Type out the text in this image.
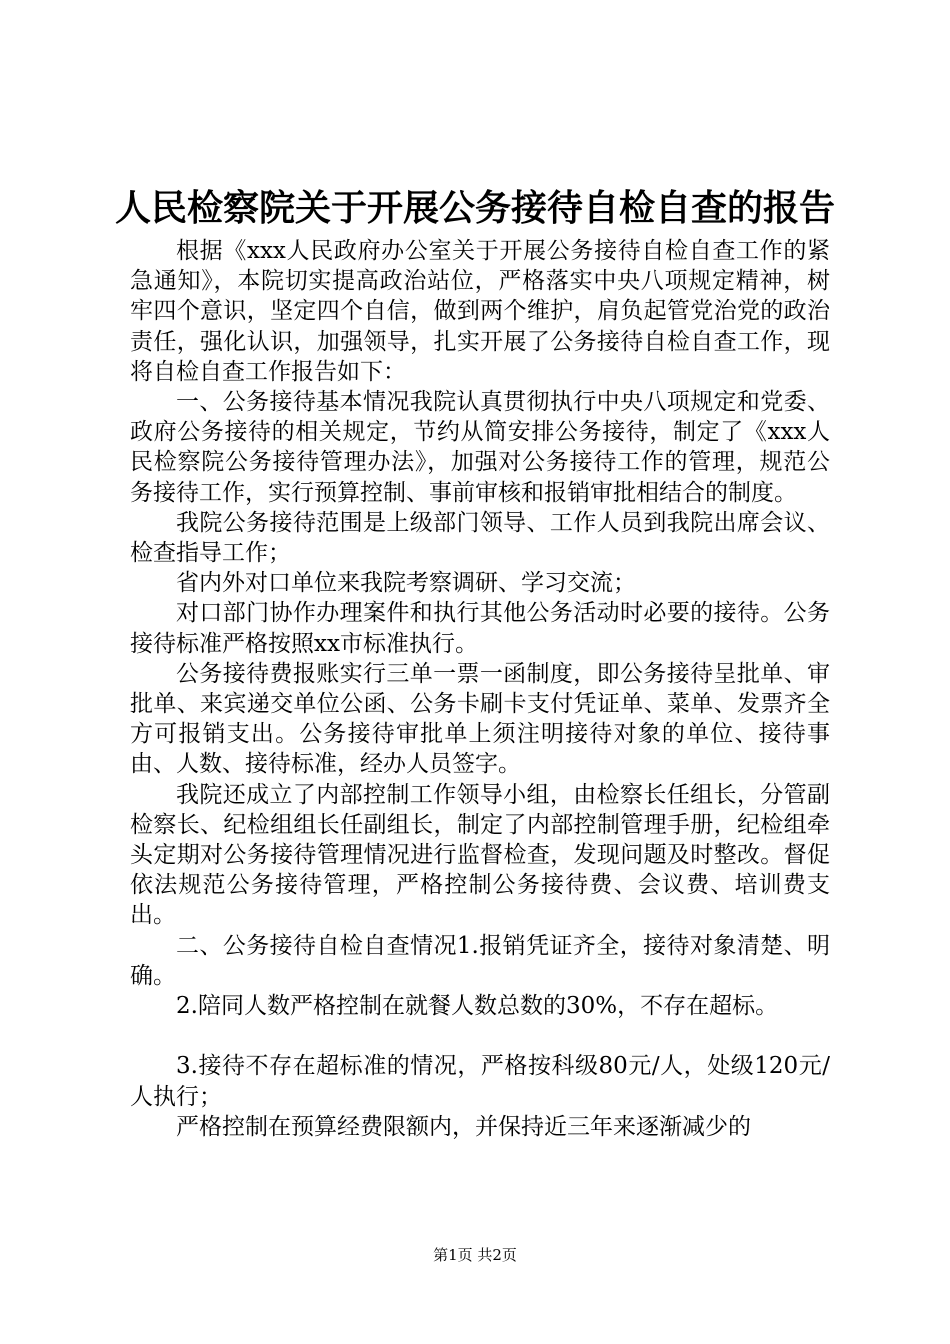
人民检察院关于开展公务接待自检自查的报告

根据《xxx人民政府办公室关于开展公务接待自检自查工作的紧急通知》，本院切实提高政治站位，严格落实中央八项规定精神，树牢四个意识，坚定四个自信，做到两个维护，肩负起管党治党的政治责任，强化认识，加强领导，扎实开展了公务接待自检自查工作，现将自检自查工作报告如下：

一、公务接待基本情况我院认真贯彻执行中央八项规定和党委、政府公务接待的相关规定，节约从简安排公务接待，制定了《xxx人民检察院公务接待管理办法》，加强对公务接待工作的管理，规范公务接待工作，实行预算控制、事前审核和报销审批相结合的制度。

我院公务接待范围是上级部门领导、工作人员到我院出席会议、检查指导工作；

省内外对口单位来我院考察调研、学习交流；

对口部门协作办理案件和执行其他公务活动时必要的接待。公务接待标准严格按照xx市标准执行。

公务接待费报账实行三单一票一函制度，即公务接待呈批单、审批单、来宾递交单位公函、公务卡刷卡支付凭证单、菜单、发票齐全方可报销支出。公务接待审批单上须注明接待对象的单位、接待事由、人数、接待标准，经办人员签字。

我院还成立了内部控制工作领导小组，由检察长任组长，分管副检察长、纪检组组长任副组长，制定了内部控制管理手册，纪检组牵头定期对公务接待管理情况进行监督检查，发现问题及时整改。督促依法规范公务接待管理，严格控制公务接待费、会议费、培训费支出。

二、公务接待自检自查情况1.报销凭证齐全，接待对象清楚、明确。

2.陪同人数严格控制在就餐人数总数的30%，不存在超标。

3.接待不存在超标准的情况，严格按科级80元/人，处级120元/人执行；

严格控制在预算经费限额内，并保持近三年来逐渐减少的

第1页 共2页
